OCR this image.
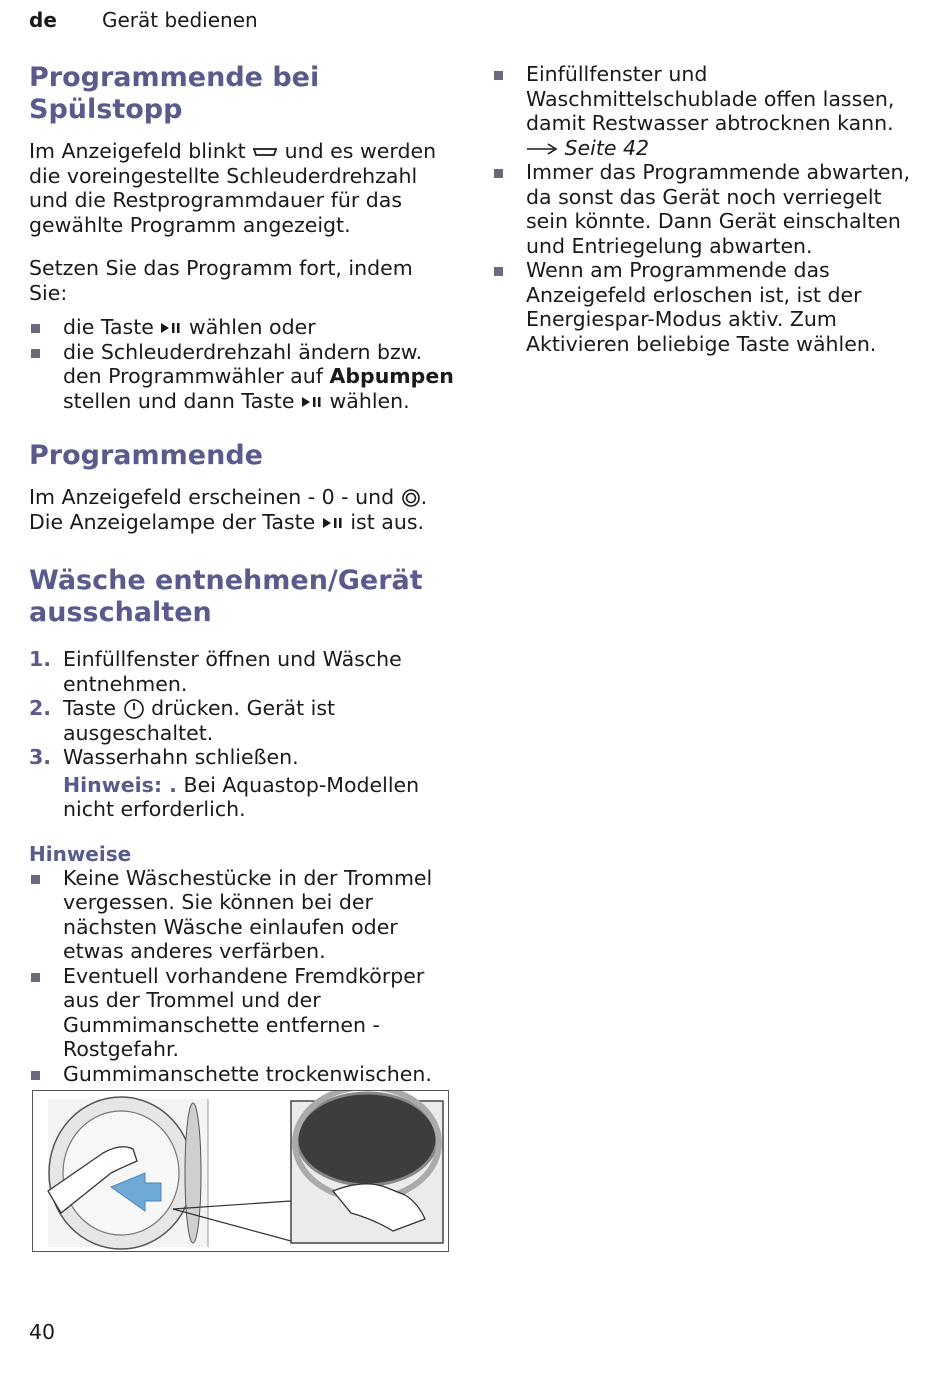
de Gerät bedienen
Programmende bei Spülstopp

Im Anzeigefeld blinkt und es werden die voreingestellte Schleuderdrehzahl und die Restprogrammdauer für das gewählte Programm angezeigt.

Setzen Sie das Programm fort, indem Sie:

die Taste wählen oder
die Schleuderdrehzahl ändern bzw. den Programmwähler auf Abpumpen stellen und dann Taste wählen.
Programmende

Im Anzeigefeld erscheinen - 0 - und .
Die Anzeigelampe der Taste ist aus.

Wäsche entnehmen/Gerät ausschalten
1. Einfüllfenster öffnen und Wäsche entnehmen.
2. Taste drücken. Gerät ist ausgeschaltet.
3. Wasserhahn schließen.
Hinweis: . Bei Aquastop-Modellen nicht erforderlich.
Hinweise
Keine Wäschestücke in der Trommel vergessen. Sie können bei der nächsten Wäsche einlaufen oder etwas anderes verfärben.
Eventuell vorhandene Fremdkörper aus der Trommel und der Gummimanschette entfernen - Rostgefahr.
Gummimanschette trockenwischen.
Einfüllfenster und Waschmittelschublade offen lassen, damit Restwasser abtrocknen kann.
Seite 42
Immer das Programmende abwarten, da sonst das Gerät noch verriegelt sein könnte. Dann Gerät einschalten und Entriegelung abwarten.
Wenn am Programmende das Anzeigefeld erloschen ist, ist der Energiespar-Modus aktiv. Zum Aktivieren beliebige Taste wählen.
40
